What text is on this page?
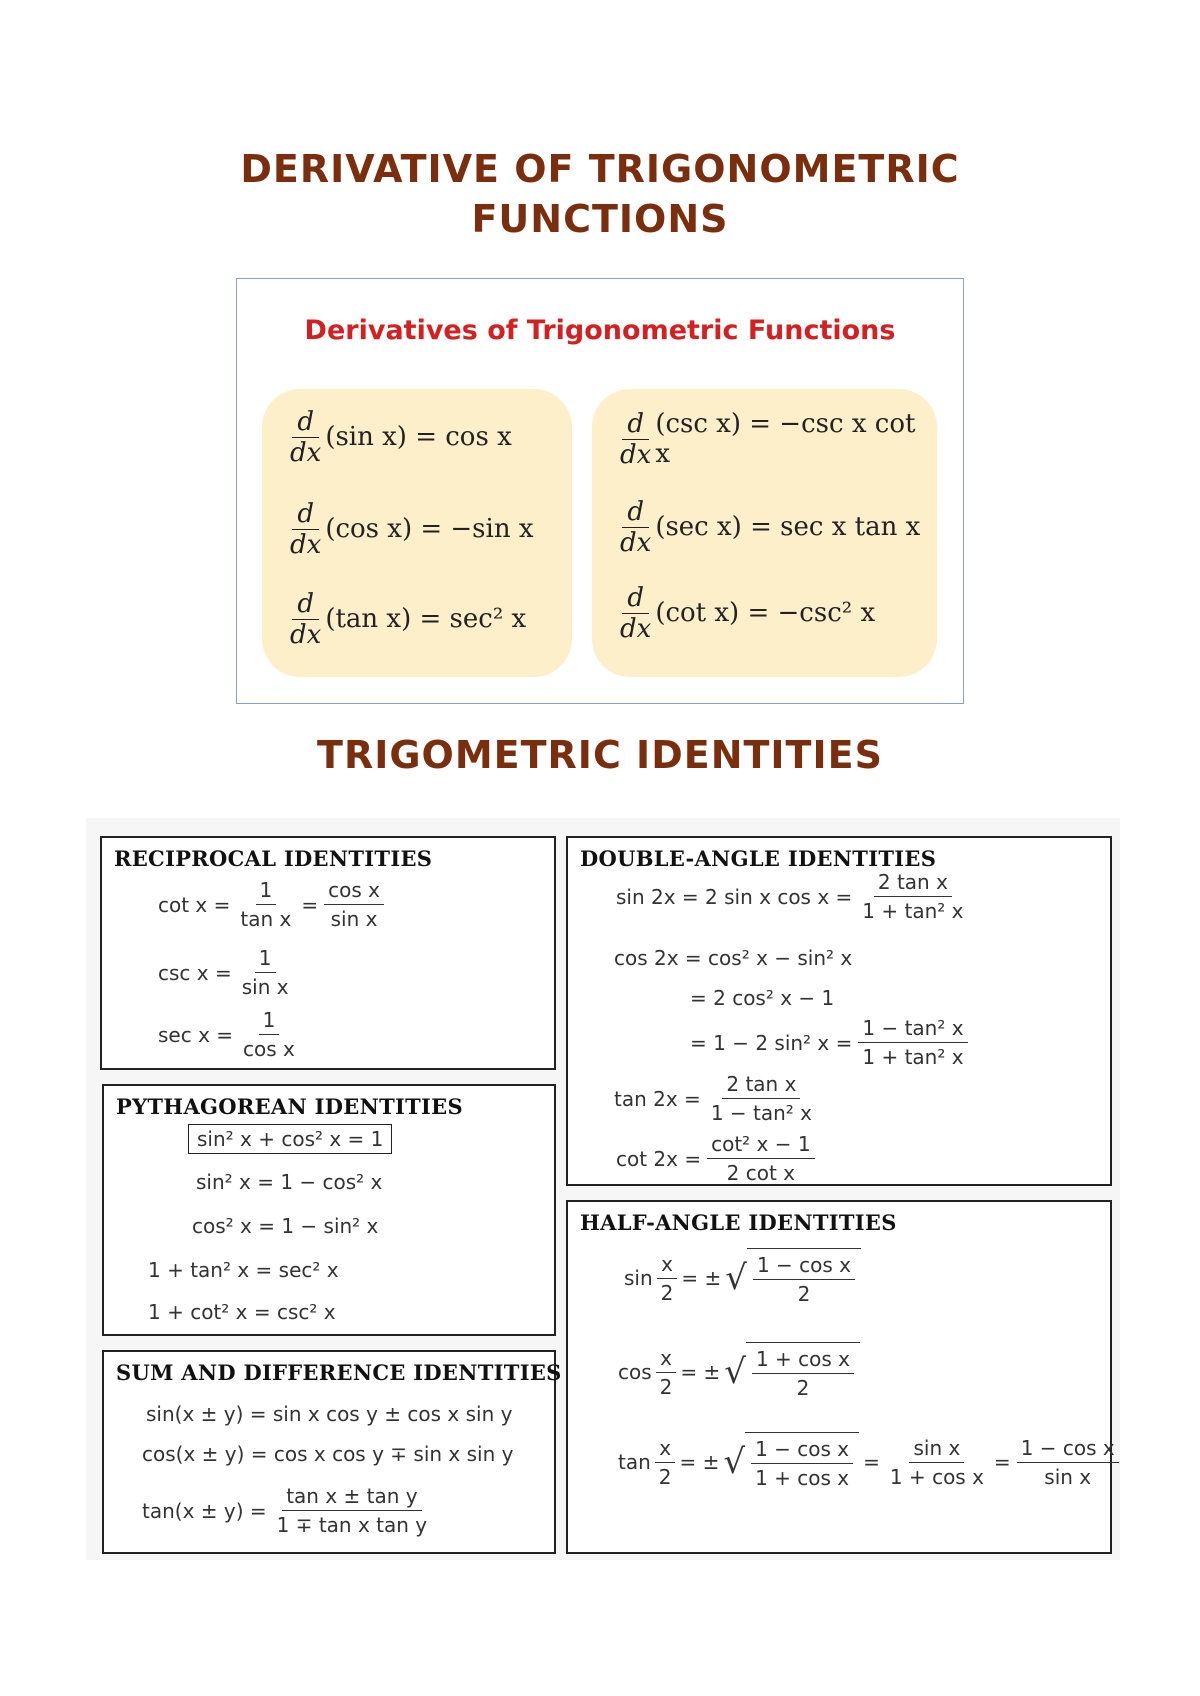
DERIVATIVE OF TRIGONOMETRIC
FUNCTIONS
Derivatives of Trigonometric Functions
$\frac{d}{dx} (\sin$ x) = cos x
$\frac{d}{dx} (\cos$ x) = −sin x
$\frac{d}{dx} (\tan$ x) = sec² x
$\frac{d}{dx} (\csc$ x) = −csc x cot x
$\frac{d}{dx} (\sec$ x) = sec x tan x
$\frac{d}{dx} (\cot$ x) = −csc² x
TRIGOMETRIC IDENTITIES
RECIPROCAL IDENTITIES
$\cot x = \frac{1}{\text{tan x}} = \frac{\text{cos x}}{\text{sin x}}$
$\csc x = \frac{1}{\text{sin x}}$
$\sec x = \frac{1}{\text{cos x}}$
PYTHAGOREAN IDENTITIES
sin² x + cos² x = 1
sin² x = 1 − cos² x
cos² x = 1 − sin² x
1 + tan² x = sec² x
1 + cot² x = csc² x
SUM AND DIFFERENCE IDENTITIES
sin(x ± y) = sin x cos y ± cos x sin y
cos(x ± y) = cos x cos y ∓ sin x sin y
$\tan(x \pm y) = \frac{\text{tan x ± tan y}}{\text{1 ∓ tan x tan y}}$
DOUBLE-ANGLE IDENTITIES
sin 2x = 2 sin x $\cos x = \frac{\text{2 tan x}}{\text{1 + tan² x}}$
cos 2x = cos² x − sin² x
= 2 cos² x − 1
= 1 − 2 sin² $x = \frac{\text{1 − tan² x}}{\text{1 + tan² x}}$
$\tan 2x = \frac{\text{2 tan x}}{\text{1 − tan² x}}$
$\cot 2x = \frac{\text{cot² x − 1}}{\text{2 cot x}}$
HALF-ANGLE IDENTITIES
$\sin \frac{x}{2}$ = ± √ 1 − cos x
2
$\cos \frac{x}{2}$ = ± √ 1 + cos x
2
$\tan \frac{x}{2}$ = ± √ 1 − cos x
1 + cos x
= $\frac{\text{sin x}}{\text{1 + cos x}} = \frac{\text{1 − cos x}}{\text{sin x}}$
